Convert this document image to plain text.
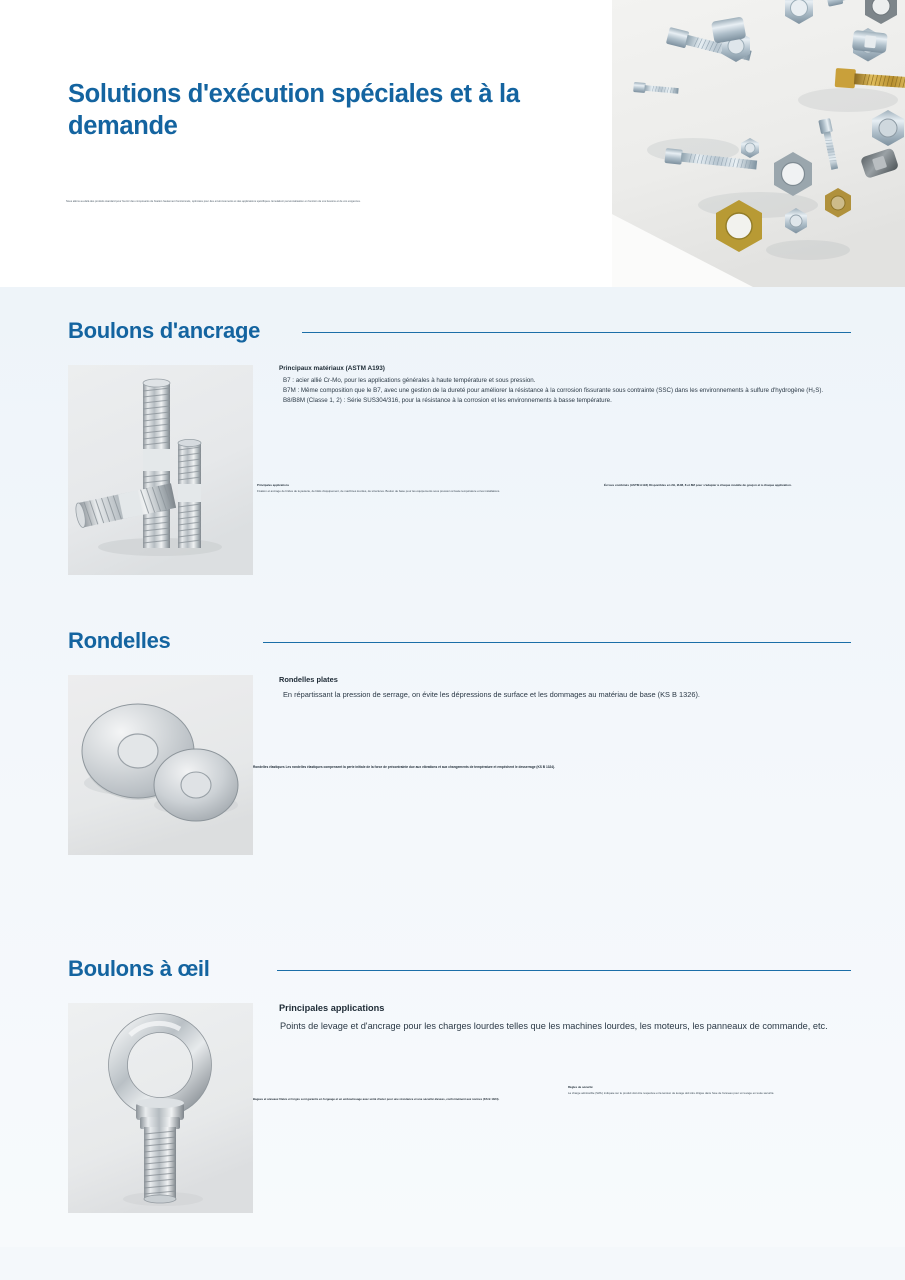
Solutions d'exécution spéciales et à la demande

Nous allons au-delà des produits standard pour fournir des composants de fixation hautement fonctionnels, optimisés pour des environnements et des applications spécifiques. Émulation/ personnalisation en fonction de vos besoins et de vos exigences.

Boulons d'ancrage
Principaux matériaux (ASTM A193)
B7 : acier allié Cr-Mo, pour les applications générales à haute température et sous pression.
B7M : Même composition que le B7, avec une gestion de la dureté pour améliorer la résistance à la corrosion fissurante sous contrainte (SSC) dans les environnements à sulfure d'hydrogène (H₂S).
B8/B8M (Classe 1, 2) : Série SUS304/316, pour la résistance à la corrosion et les environnements à basse température.
Principales applications
Fixation et ancrage de brides de tuyauterie, de bâtis d'équipement, de machines lourdes, de structures. Boulon de base pour les équipements sous pression à haute température et les installations.
Écrous combinés (ASTM A194) Disponibles en 2H, 2HM, 8 et 8M pour s'adapter à chaque modèle de goujon et à chaque application.
Rondelles
Rondelles plates
En répartissant la pression de serrage, on évite les dépressions de surface et les dommages au matériau de base (KS B 1326).
Rondelles élastiques Les rondelles élastiques compensent la perte initiale de la force de précontrainte due aux vibrations et aux changements de température et empêchent le desserrage (KS B 1324).
Boulons à œil
Principales applications
Points de levage et d'ancrage pour les charges lourdes telles que les machines lourdes, les moteurs, les panneaux de commande, etc.
Bagues et anneaux filetés et forgés sont garantis en forgeage et en emboutissage avec unité d'acier pour une résistance et une sécurité élevées, conformément aux normes (KS B 1324).
Règles de sécurité
La charge admissible (SWL) indiquée sur le produit doit être respectée et la tension de levage doit être dirigée dans l'axe de l'anneau pour un levage en toute sécurité.
